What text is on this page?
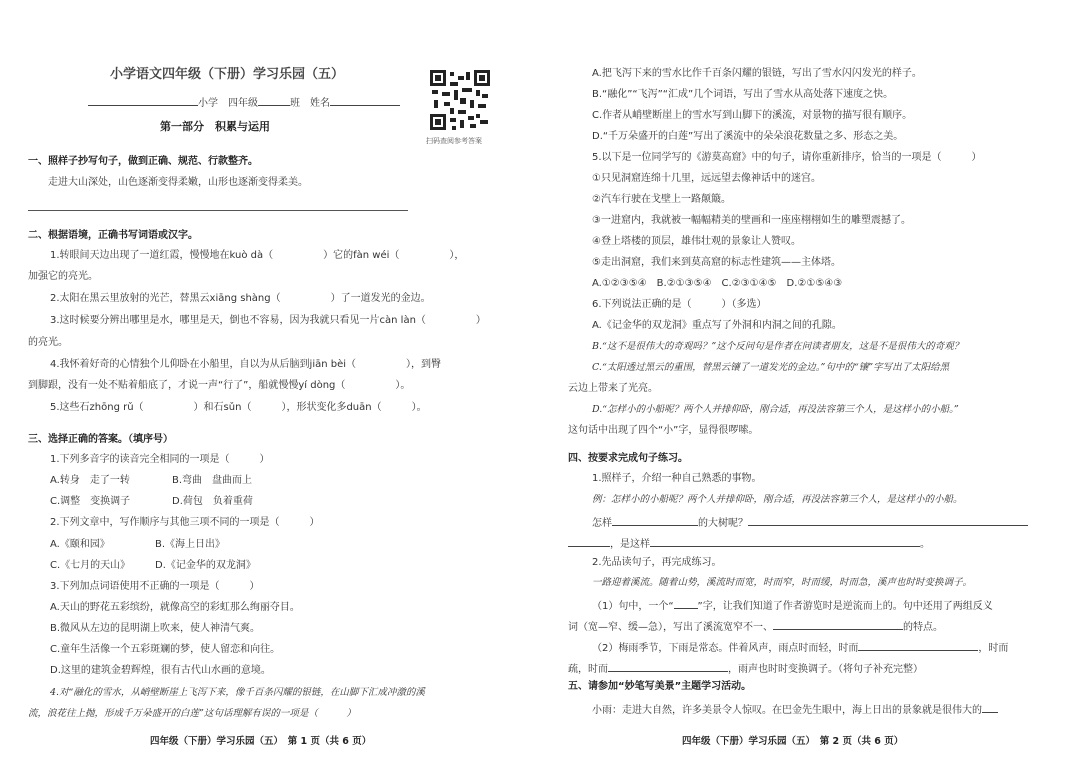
小学语文四年级（下册）学习乐园（五）
小学　 四年级	班　 姓名
扫码查阅参考答案
第一部分　积累与运用
一、照样子抄写句子，做到正确、规范、行款整齐。
走进大山深处，山色逐渐变得柔嫩，山形也逐渐变得柔美。
二、根据语境，正确书写词语或汉字。
1.转眼间天边出现了一道红霞，慢慢地在kuò dà（　　　　　）它的fàn wéi（　　　　　），
加强它的亮光。
2.太阳在黑云里放射的光芒，替黑云xiāng shàng（　　　　　）了一道发光的金边。
3.这时候要分辨出哪里是水，哪里是天，倒也不容易，因为我就只看见一片càn làn（　　　　　）
的亮光。
4.我怀着好奇的心情独个儿仰卧在小船里，自以为从后脑到jiān bèi（　　　　　），到臀
到脚跟，没有一处不贴着船底了，才说一声“行了”，船就慢慢yí dòng（　　　　　）。
5.这些石zhōng rǔ（　　　　　）和石sǔn（　　　），形状变化多duān（　　　）。
三、选择正确的答案。（填序号）
1.下列多音字的读音完全相同的一项是（　　　）
A.转身　走了一转	B.弯曲　盘曲而上
C.调整　变换调子	D.荷包　负着重荷
2.下列文章中，写作顺序与其他三项不同的一项是（　　　）
A.《颐和园》	B.《海上日出》
C.《七月的天山》 D.《记金华的双龙洞》
3.下列加点词语使用不正确的一项是（　　　）
A.天山的野花五彩缤纷，就像高空的彩虹那么绚丽夺目。
B.微风从左边的昆明湖上吹来，使人神清气爽。
C.童年生活像一个五彩斑斓的梦，使人留恋和向往。
D.这里的建筑金碧辉煌，很有古代山水画的意境。
4.对“融化的雪水，从峭壁断崖上飞泻下来，像千百条闪耀的银链，在山脚下汇成冲激的溪
流，浪花往上抛，形成千万朵盛开的白莲”这句话理解有误的一项是（　　　）
四年级（下册）学习乐园（五）　第 1 页（共 6 页）
A.把飞泻下来的雪水比作千百条闪耀的银链，写出了雪水闪闪发光的样子。
B.“融化”“飞泻”“汇成”几个词语，写出了雪水从高处落下速度之快。
C.作者从峭壁断崖上的雪水写到山脚下的溪流，对景物的描写很有顺序。
D.“千万朵盛开的白莲”写出了溪流中的朵朵浪花数量之多、形态之美。
5.以下是一位同学写的《游莫高窟》中的句子，请你重新排序，恰当的一项是（　　　）
①只见洞窟连绵十几里，远远望去像神话中的迷宫。
②汽车行驶在戈壁上一路颠簸。
③一进窟内，我就被一幅幅精美的壁画和一座座栩栩如生的雕塑震撼了。
④登上塔楼的顶层，雄伟壮观的景象让人赞叹。
⑤走出洞窟，我们来到莫高窟的标志性建筑——主体塔。
A.①②③⑤④　B.②①③⑤④　C.②③①④⑤　D.②①⑤④③
6.下列说法正确的是（　　　）（多选）
A.《记金华的双龙洞》重点写了外洞和内洞之间的孔隙。
B.“这不是很伟大的奇观吗？”这个反问句是作者在问读者朋友，这是不是很伟大的奇观？
C.“太阳透过黑云的重围，替黑云镶了一道发光的金边。”句中的“镶”字写出了太阳给黑
云边上带来了光亮。
D.“怎样小的小船呢？两个人并排仰卧，刚合适，再没法容第三个人，是这样小的小船。”
这句话中出现了四个“小”字，显得很啰嗦。
四、按要求完成句子练习。
1.照样子，介绍一种自己熟悉的事物。
例：怎样小的小船呢？两个人并排仰卧，刚合适，再没法容第三个人，是这样小的小船。
怎样	的大树呢？
，是这样	。
2.先品读句子，再完成练习。
一路迎着溪流。随着山势，溪流时而宽，时而窄，时而缓，时而急，溪声也时时变换调子。
（1）句中，一个“ ”字，让我们知道了作者游览时是逆流而上的。句中还用了两组反义
词（宽—窄、缓—急），写出了溪流宽窄不一、	的特点。
（2）梅雨季节，下雨是常态。伴着风声，雨点时而轻，时而	，时而
疏，时而	，雨声也时时变换调子。（将句子补充完整）
五、请参加“妙笔写美景”主题学习活动。
小雨：走进大自然，许多美景令人惊叹。在巴金先生眼中，海上日出的景象就是很伟大的
四年级（下册）学习乐园（五）　第 2 页（共 6 页）
